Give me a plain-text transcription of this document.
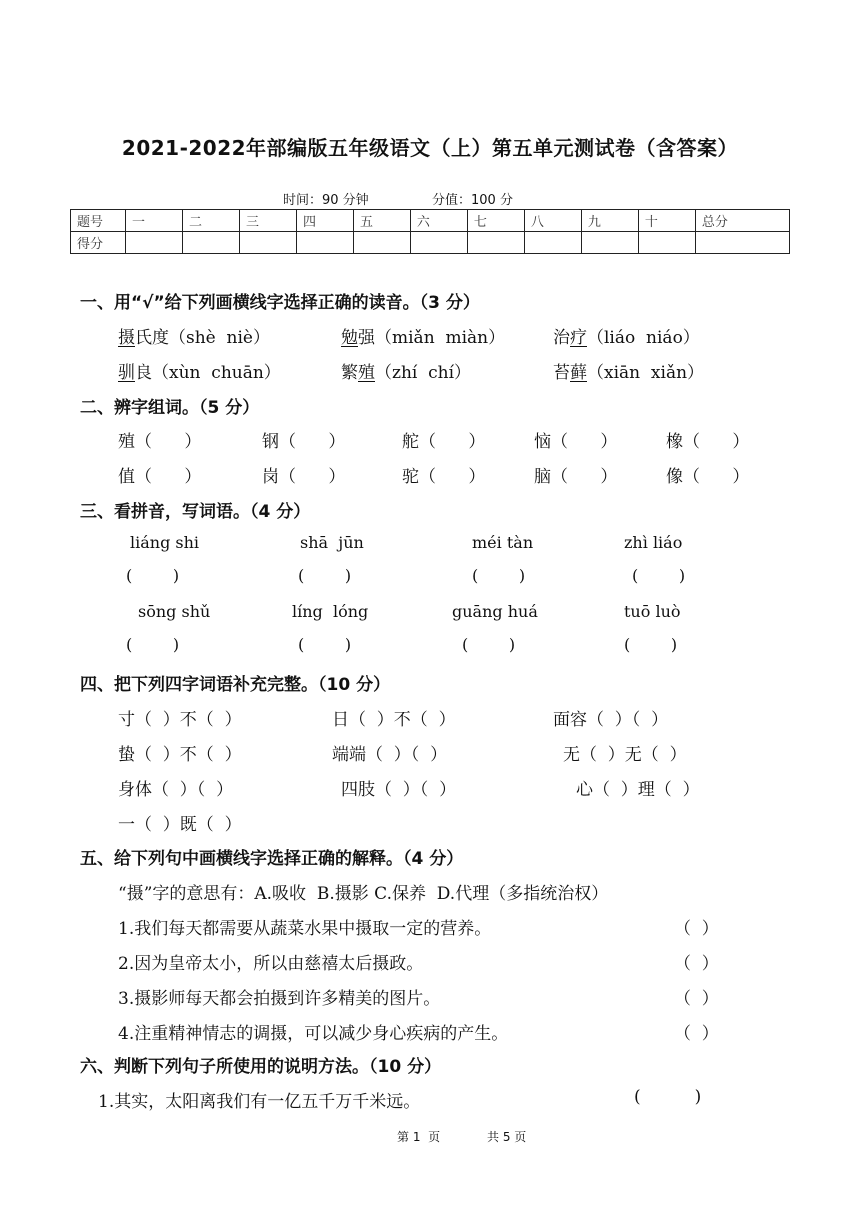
2021-2022年部编版五年级语文（上）第五单元测试卷（含答案）
时间：90 分钟	分值：100 分
题号	一	二	三	四	五	六	七	八	九	十	总分
得分											
一、用“√”给下列画横线字选择正确的读音。（3 分）
摄氏度（shè  niè）	勉强（miǎn  miàn）	治疗（liáo  niáo）
驯良（xùn  chuān）	繁殖（zhí  chí）	苔藓（xiān  xiǎn）
二、辨字组词。（5 分）
殖（      ）	钢（      ）	舵（      ）	恼（      ）	橡（      ）
值（      ）	岗（      ）	驼（      ）	脑（      ）	像（      ）
三、看拼音，写词语。（4 分）
liáng shi	shā  jūn	méi tàn	zhì liáo
(        )	(        )	(        )	(        )
sōng shǔ	líng  lóng	guāng huá	tuō luò
(        )	(        )	(        )	(        )
四、把下列四字词语补充完整。（10 分）
寸（  ）不（  ）	日（  ）不（  ）	面容（  ）（  ）
蛰（  ）不（  ）	端端（  ）（  ）	无（  ）无（  ）
身体（  ）（  ）	四肢（  ）（  ）	心（  ）理（  ）
一（  ）既（  ）
五、给下列句中画横线字选择正确的解释。（4 分）
“摄”字的意思有：A.吸收  B.摄影 C.保养  D.代理（多指统治权）
1.我们每天都需要从蔬菜水果中摄取一定的营养。	（  ）
2.因为皇帝太小，所以由慈禧太后摄政。	（  ）
3.摄影师每天都会拍摄到许多精美的图片。	（  ）
4.注重精神情志的调摄，可以减少身心疾病的产生。	（  ）
六、判断下列句子所使用的说明方法。（10 分）
1.其实，太阳离我们有一亿五千万千米远。	(          )
第 1  页	共 5 页
